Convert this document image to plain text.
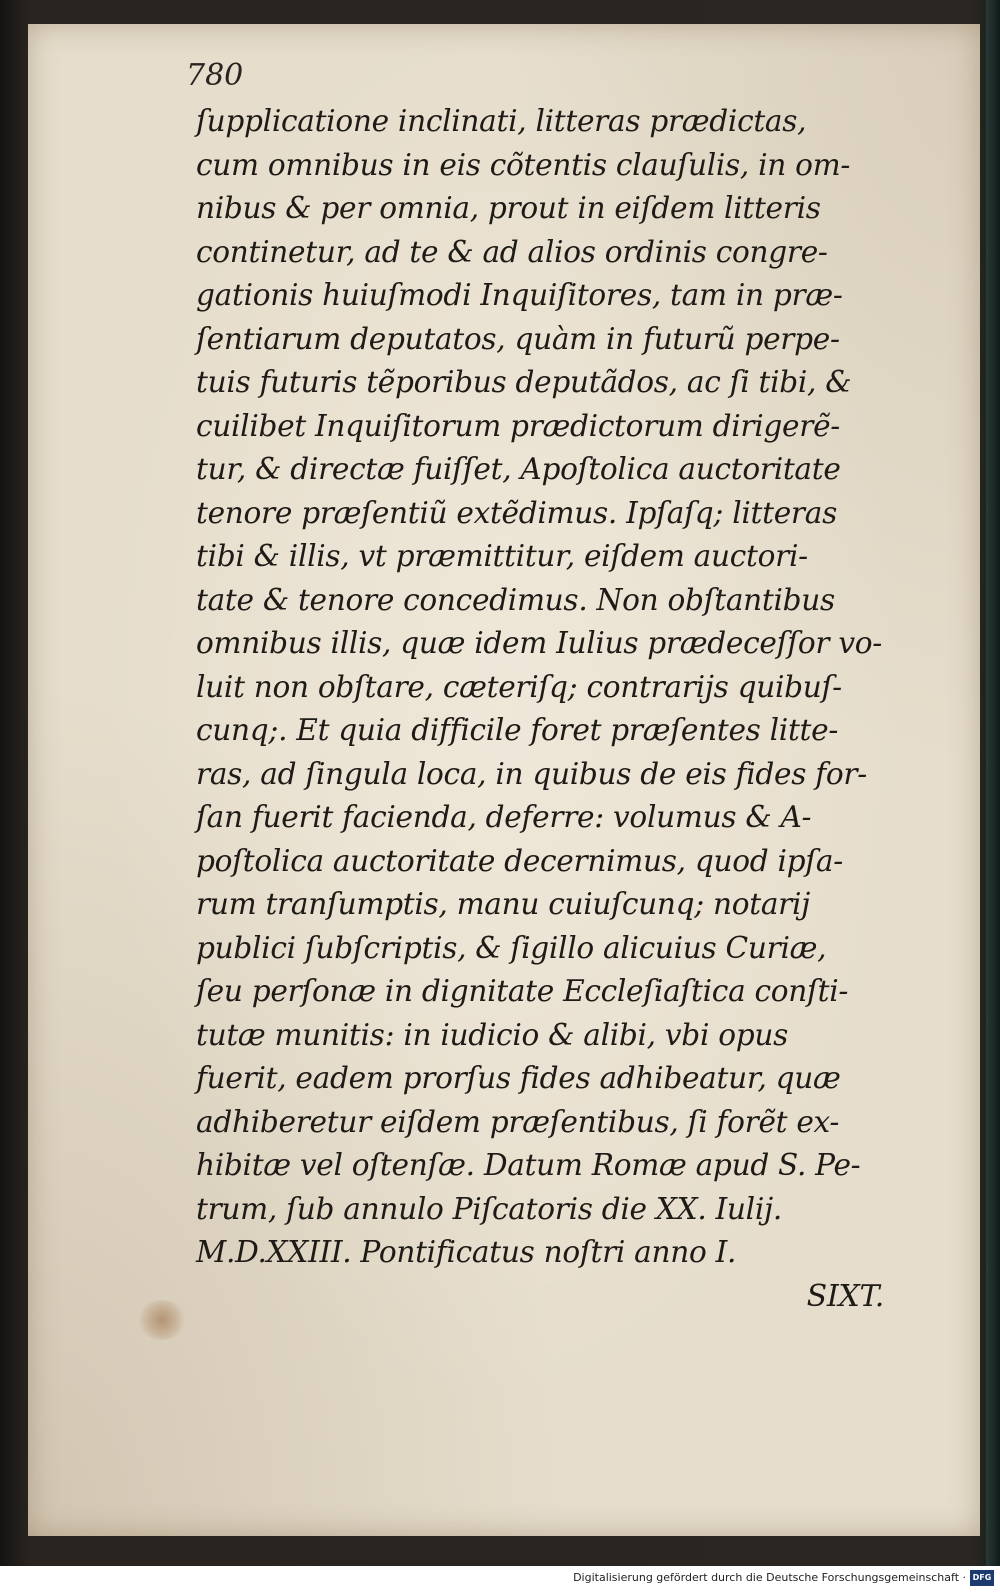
780
ſupplicatione inclinati, litteras prædictas,
cum omnibus in eis cõtentis clauſulis, in om-
nibus & per omnia, prout in eiſdem litteris
continetur, ad te & ad alios ordinis congre-
gationis huiuſmodi Inquiſitores, tam in præ-
ſentiarum deputatos, quàm in futurũ perpe-
tuis futuris tẽporibus deputãdos, ac ſi tibi, &
cuilibet Inquiſitorum prædictorum dirigerẽ-
tur, & directæ fuiſſet, Apoſtolica auctoritate
tenore præſentiũ extẽdimus. Ipſaſq; litteras
tibi & illis, vt præmittitur, eiſdem auctori-
tate & tenore concedimus. Non obſtantibus
omnibus illis, quæ idem Iulius prædeceſſor vo-
luit non obſtare, cæteriſq; contrarijs quibuſ-
cunq;. Et quia difficile foret præſentes litte-
ras, ad ſingula loca, in quibus de eis fides for-
ſan fuerit facienda, deferre: volumus & A-
poſtolica auctoritate decernimus, quod ipſa-
rum tranſumptis, manu cuiuſcunq; notarij
publici ſubſcriptis, & ſigillo alicuius Curiæ,
ſeu perſonæ in dignitate Eccleſiaſtica conſti-
tutæ munitis: in iudicio & alibi, vbi opus
fuerit, eadem prorſus fides adhibeatur, quæ
adhiberetur eiſdem præſentibus, ſi forẽt ex-
hibitæ vel oſtenſæ. Datum Romæ apud S. Pe-
trum, ſub annulo Piſcatoris die XX. Iulij.
M.D.XXIII. Pontificatus noſtri anno I.
SIXT.
Digitalisierung gefördert durch die Deutsche Forschungsgemeinschaft · DFG
